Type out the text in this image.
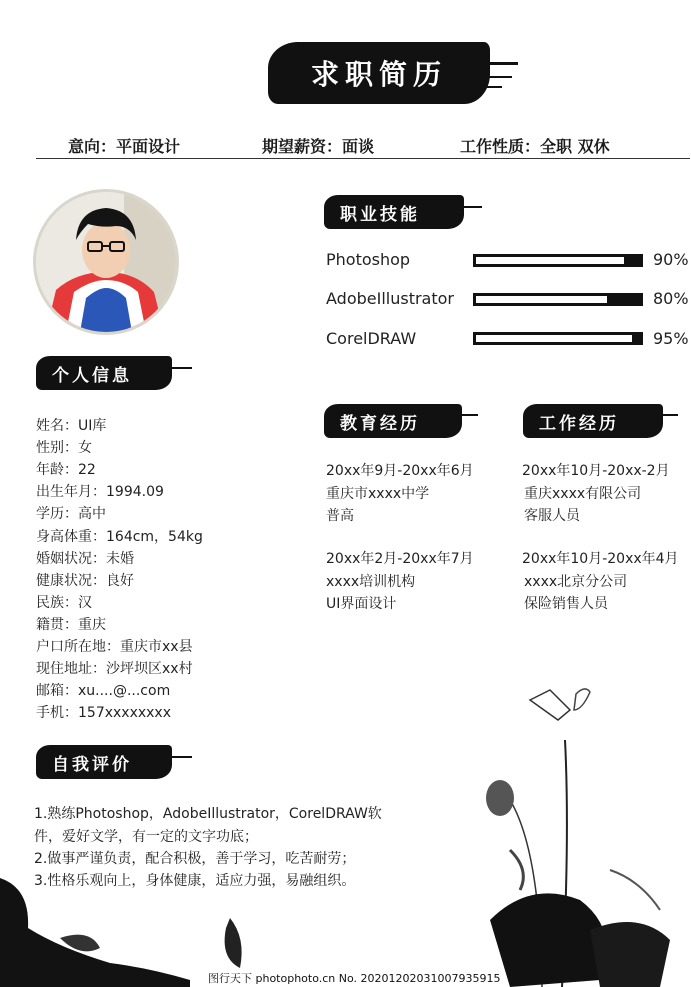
求职简历
意向：平面设计	期望薪资：面谈	工作性质：全职 双休
职业技能
Photoshop	90%
AdobeIllustrator	80%
CorelDRAW	95%
个人信息
姓名：UI库
性别：女
年龄：22
出生年月：1994.09
学历：高中
身高体重：164cm，54kg
婚姻状况：未婚
健康状况：良好
民族：汉
籍贯：重庆
户口所在地：重庆市xx县
现住地址：沙坪坝区xx村
邮箱：xu....@...com
手机：157xxxxxxxx
教育经历
20xx年9月-20xx年6月
重庆市xxxx中学
普高
20xx年2月-20xx年7月
xxxx培训机构
UI界面设计
工作经历
20xx年10月-20xx-2月
重庆xxxx有限公司
客服人员
20xx年10月-20xx年4月
xxxx北京分公司
保险销售人员
自我评价
1.熟练Photoshop，AdobeIllustrator，CorelDRAW软
件，爱好文学，有一定的文字功底；
2.做事严谨负责，配合积极，善于学习，吃苦耐劳；
3.性格乐观向上，身体健康，适应力强，易融组织。
图行天下 photophoto.cn No. 20201202031007935915
